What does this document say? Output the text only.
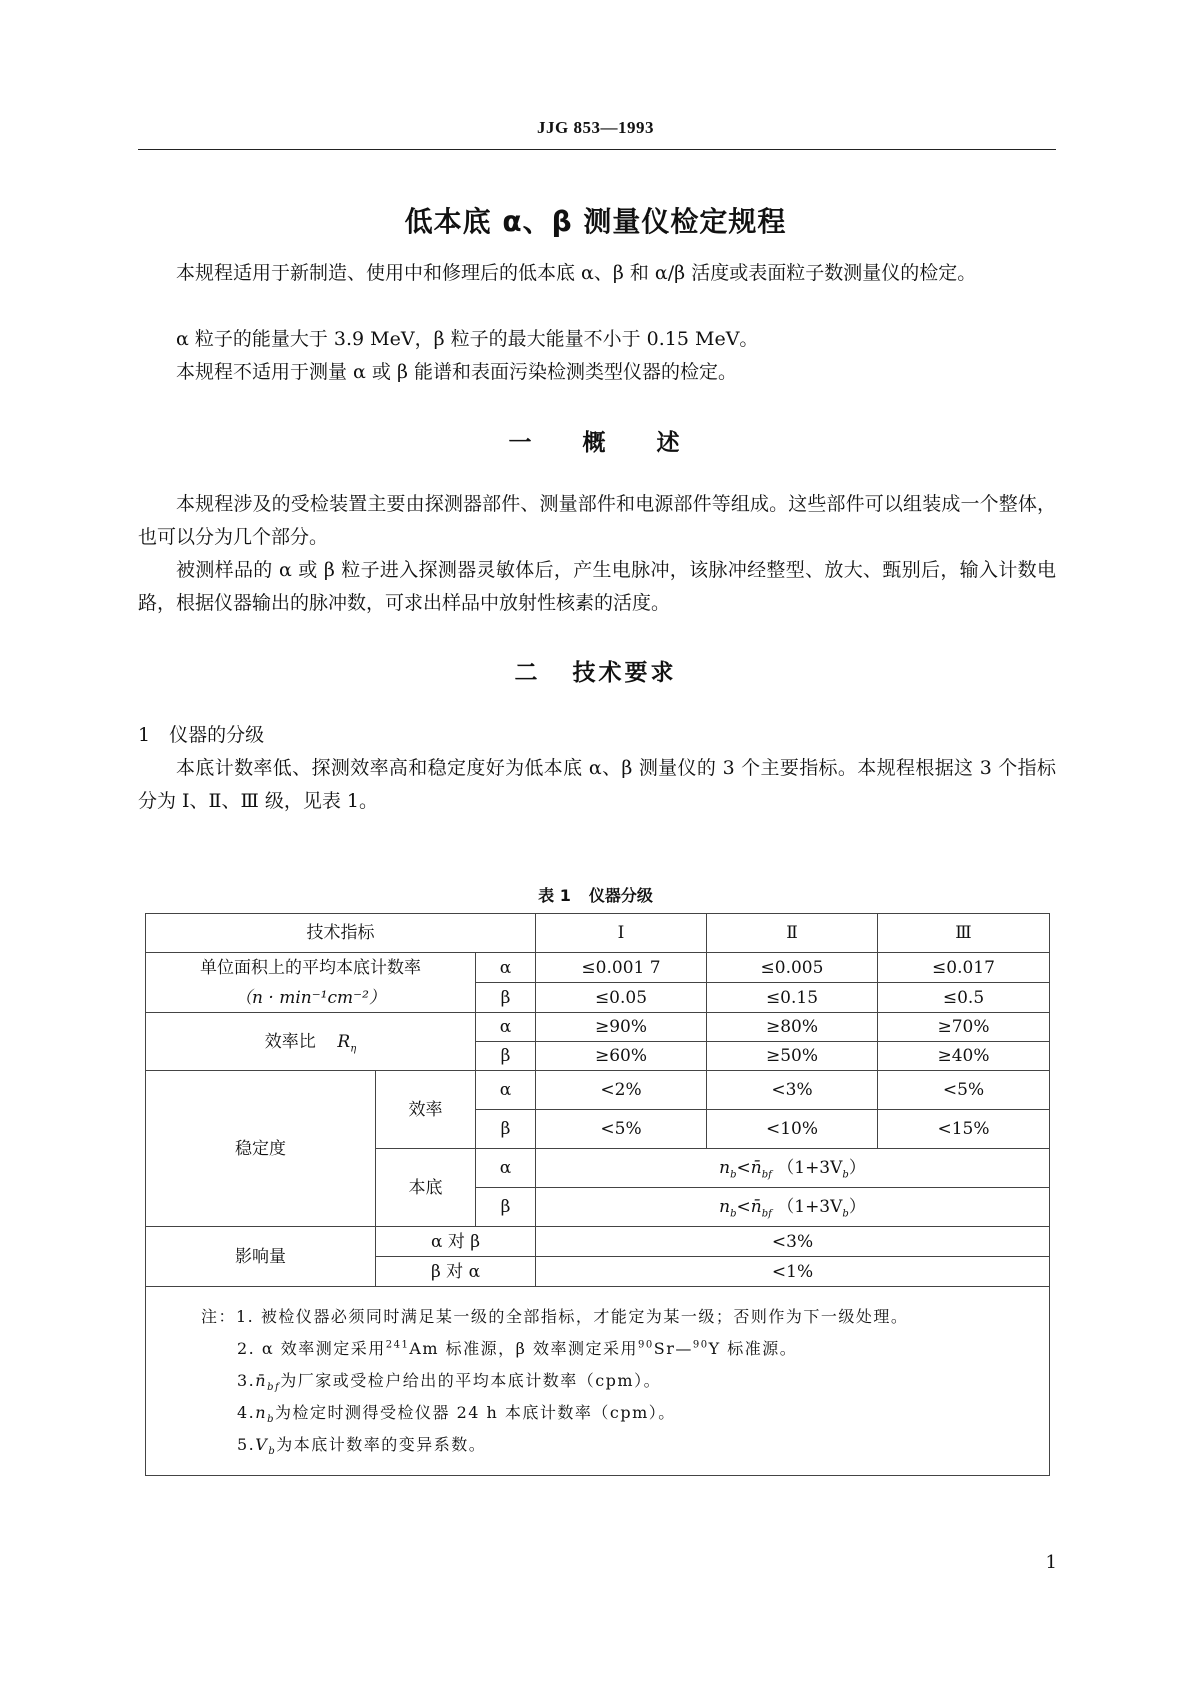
JJG 853—1993
低本底 α、β 测量仪检定规程
本规程适用于新制造、使用中和修理后的低本底 α、β 和 α/β 活度或表面粒子数测量仪的检定。
α 粒子的能量大于 3.9 MeV，β 粒子的最大能量不小于 0.15 MeV。
本规程不适用于测量 α 或 β 能谱和表面污染检测类型仪器的检定。
一 概 述
本规程涉及的受检装置主要由探测器部件、测量部件和电源部件等组成。这些部件可以组装成一个整体，也可以分为几个部分。
被测样品的 α 或 β 粒子进入探测器灵敏体后，产生电脉冲，该脉冲经整型、放大、甄别后，输入计数电路，根据仪器输出的脉冲数，可求出样品中放射性核素的活度。
二 技术要求
1　仪器的分级
本底计数率低、探测效率高和稳定度好为低本底 α、β 测量仪的 3 个主要指标。本规程根据这 3 个指标分为 Ⅰ、Ⅱ、Ⅲ 级，见表 1。
表 1 仪器分级
技术指标			Ⅰ	Ⅱ	Ⅲ

单位面积上的平均本底计数率
（n · min⁻¹cm⁻²）		α	≤0.001 7	≤0.005	≤0.017
		β	≤0.05	≤0.15	≤0.5
效率比 $R_\eta$		α	≥90%	≥80%	≥70%
		β	≥60%	≥50%	≥40%
稳定度	效率	α	<2%	<3%	<5%
		β	<5%	<10%	<15%
	本底	α	$n_b<n̄_{bf}$ $(1+3V_b)$		
		β	$n_b<n̄_{bf}$ $(1+3V_b)$		
影响量	α 对 β		<3%		
	β 对 α		<1%		

注：1. 被检仪器必须同时满足某一级的全部指标，才能定为某一级；否则作为下一级处理。
2. α 效率测定采用$^{241}$Am 标准源，β 效率测定采用$^{90}$Sr—$^{90}$Y 标准源。
$3.n̄_{bf}$为厂家或受检户给出的平均本底计数率（cpm）。
$4.n_b$为检定时测得受检仪器 24 h 本底计数率（cpm）。
$5.V_b$为本底计数率的变异系数。					
1
